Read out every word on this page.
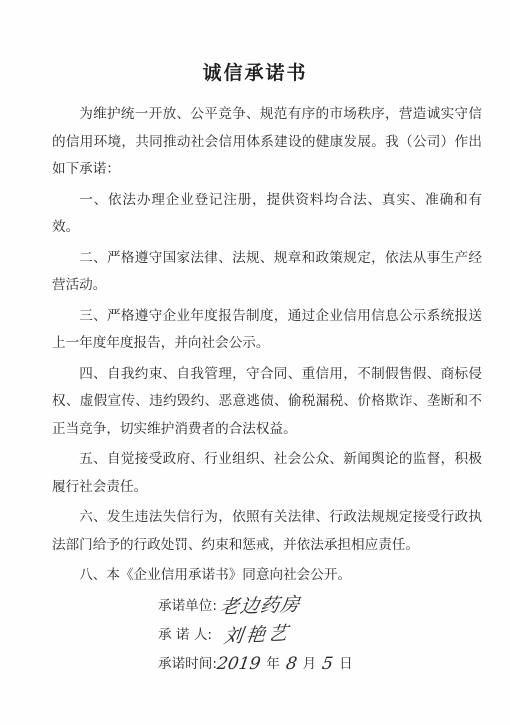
诚信承诺书

为维护统一开放、公平竞争、规范有序的市场秩序，营造诚实守信的信用环境，共同推动社会信用体系建设的健康发展。我（公司）作出如下承诺：

一、依法办理企业登记注册，提供资料均合法、真实、准确和有效。

二、严格遵守国家法律、法规、规章和政策规定，依法从事生产经营活动。

三、严格遵守企业年度报告制度，通过企业信用信息公示系统报送上一年度年度报告，并向社会公示。

四、自我约束、自我管理，守合同、重信用，不制假售假、商标侵权、虚假宣传、违约毁约、恶意逃债、偷税漏税、价格欺诈、垄断和不正当竞争，切实维护消费者的合法权益。

五、自觉接受政府、行业组织、社会公众、新闻舆论的监督，积极履行社会责任。

六、发生违法失信行为，依照有关法律、行政法规规定接受行政执法部门给予的行政处罚、约束和惩戒，并依法承担相应责任。

八、本《企业信用承诺书》同意向社会公开。

承诺单位:老边药房
承 诺 人: 刘艳艺
承诺时间:2019 年 8 月 5 日
